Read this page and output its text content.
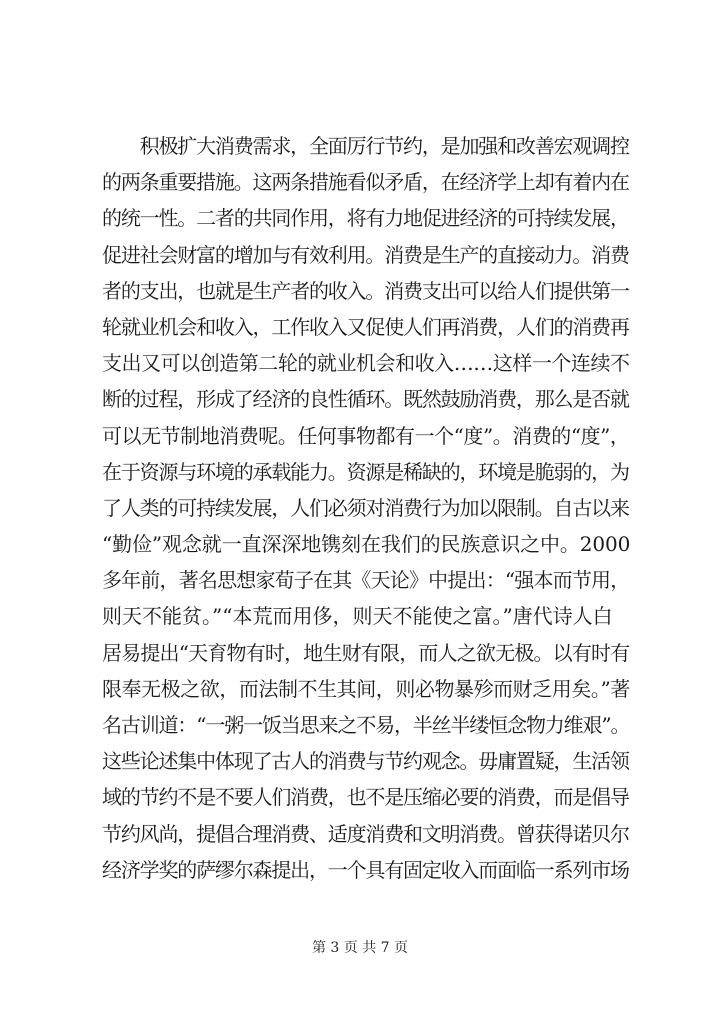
　　积极扩大消费需求，全面厉行节约，是加强和改善宏观调控
的两条重要措施。这两条措施看似矛盾，在经济学上却有着内在
的统一性。二者的共同作用，将有力地促进经济的可持续发展，
促进社会财富的增加与有效利用。消费是生产的直接动力。消费
者的支出，也就是生产者的收入。消费支出可以给人们提供第一
轮就业机会和收入，工作收入又促使人们再消费，人们的消费再
支出又可以创造第二轮的就业机会和收入……这样一个连续不
断的过程，形成了经济的良性循环。既然鼓励消费，那么是否就
可以无节制地消费呢。任何事物都有一个“度”。消费的“度”，
在于资源与环境的承载能力。资源是稀缺的，环境是脆弱的，为
了人类的可持续发展，人们必须对消费行为加以限制。自古以来
“勤俭”观念就一直深深地镌刻在我们的民族意识之中。2000
多年前，著名思想家荀子在其《天论》中提出：“强本而节用，
则天不能贫。”“本荒而用侈，则天不能使之富。”唐代诗人白
居易提出“天育物有时，地生财有限，而人之欲无极。以有时有
限奉无极之欲，而法制不生其间，则必物暴殄而财乏用矣。”著
名古训道：“一粥一饭当思来之不易，半丝半缕恒念物力维艰”。
这些论述集中体现了古人的消费与节约观念。毋庸置疑，生活领
域的节约不是不要人们消费，也不是压缩必要的消费，而是倡导
节约风尚，提倡合理消费、适度消费和文明消费。曾获得诺贝尔
经济学奖的萨缪尔森提出，一个具有固定收入而面临一系列市场
第 3 页 共 7 页
